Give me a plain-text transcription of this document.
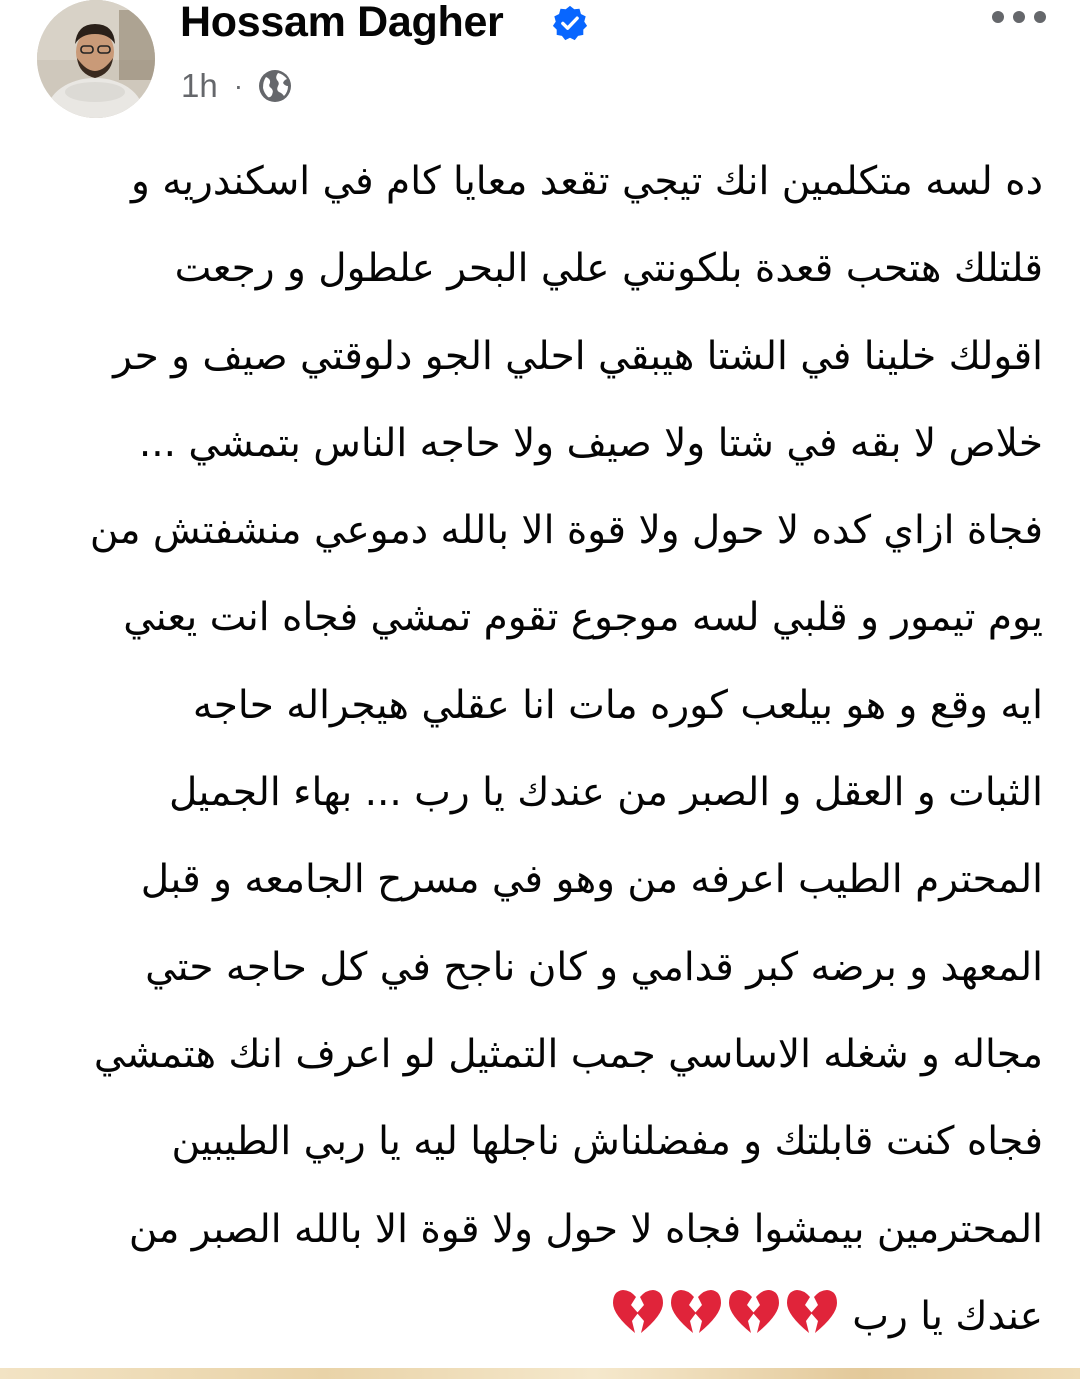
Hossam Dagher
1h ·

ده لسه متكلمين انك تيجي تقعد معايا كام في اسكندريه و
قلتلك هتحب قعدة بلكونتي علي البحر علطول و رجعت
اقولك خلينا في الشتا هيبقي احلي الجو دلوقتي صيف و حر
خلاص لا بقه في شتا ولا صيف ولا حاجه الناس بتمشي ...
فجاة ازاي كده لا حول ولا قوة الا بالله دموعي منشفتش من
يوم تيمور و قلبي لسه موجوع تقوم تمشي فجاه انت يعني
ايه وقع و هو بيلعب كوره مات انا عقلي هيجراله حاجه
الثبات و العقل و الصبر من عندك يا رب ... بهاء الجميل
المحترم الطيب اعرفه من وهو في مسرح الجامعه و قبل
المعهد و برضه كبر قدامي و كان ناجح في كل حاجه حتي
مجاله و شغله الاساسي جمب التمثيل لو اعرف انك هتمشي
فجاه كنت قابلتك و مفضلناش ناجلها ليه يا ربي الطيبين
المحترمين بيمشوا فجاه لا حول ولا قوة الا بالله الصبر من
عندك يا رب
